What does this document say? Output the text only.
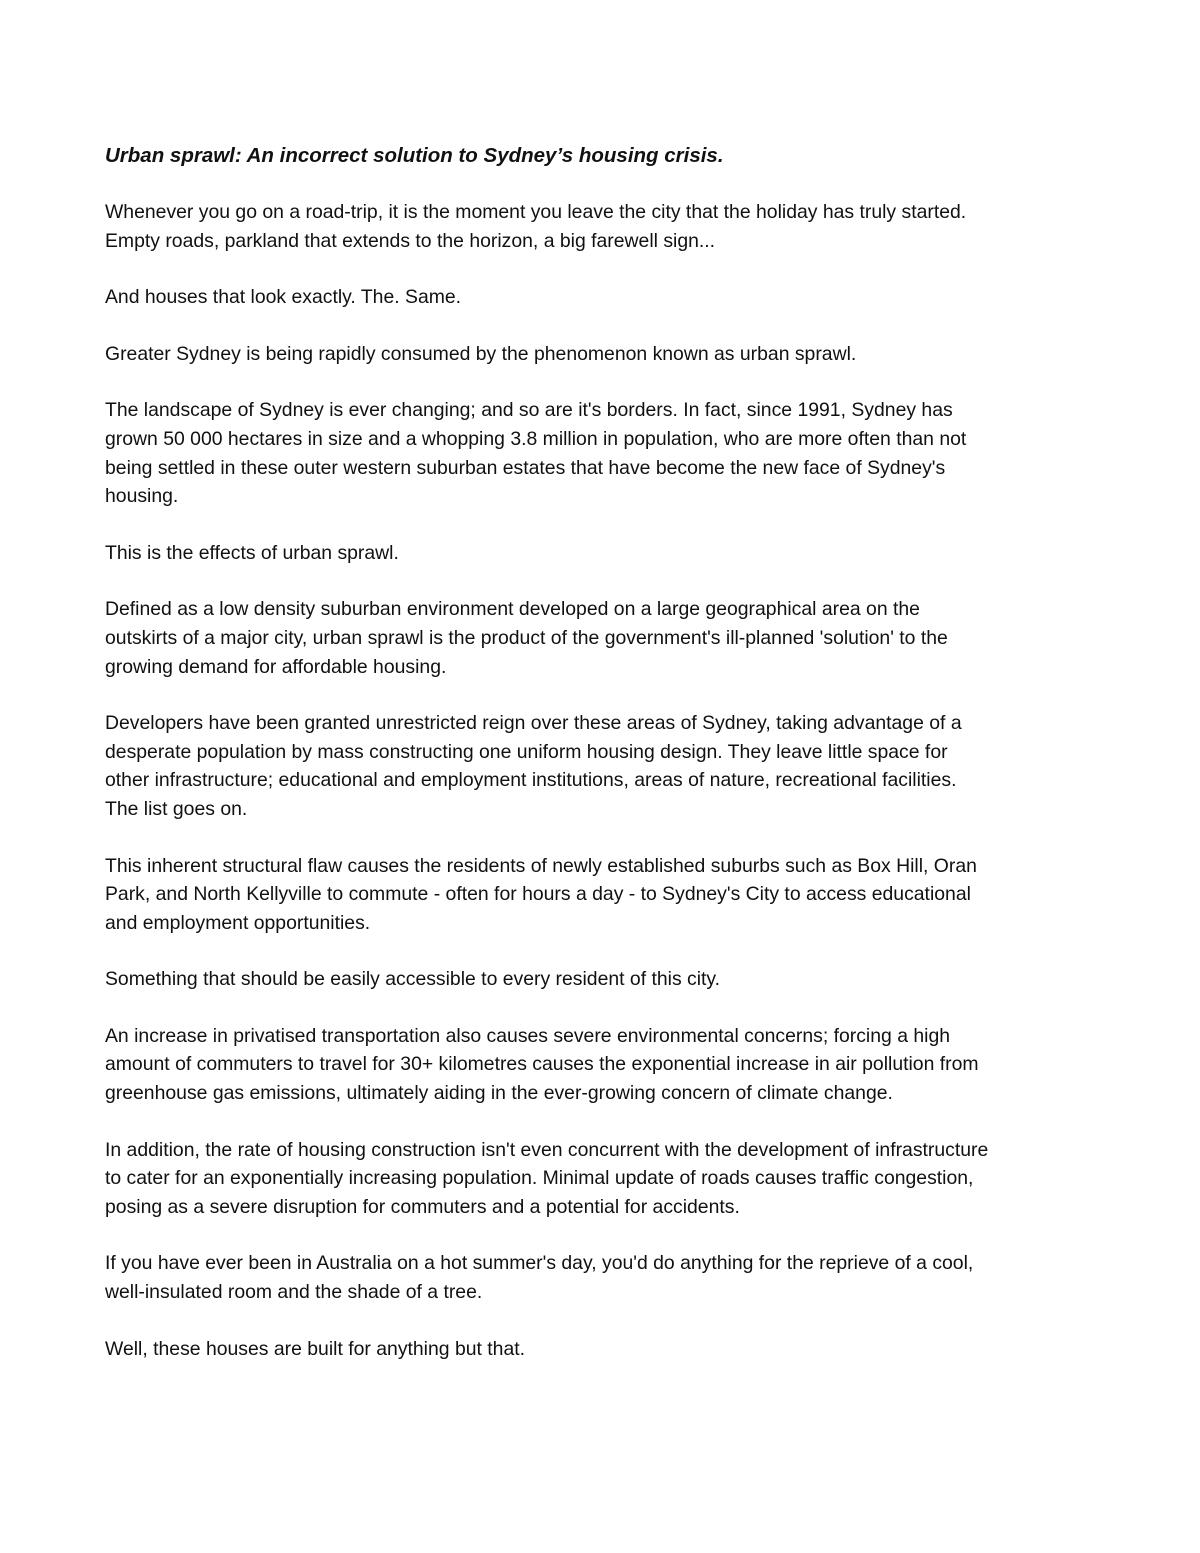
Urban sprawl: An incorrect solution to Sydney’s housing crisis.
Whenever you go on a road-trip, it is the moment you leave the city that the holiday has truly started.
Empty roads, parkland that extends to the horizon, a big farewell sign...
And houses that look exactly. The. Same.
Greater Sydney is being rapidly consumed by the phenomenon known as urban sprawl.
The landscape of Sydney is ever changing; and so are it's borders. In fact, since 1991, Sydney has
grown 50 000 hectares in size and a whopping 3.8 million in population, who are more often than not
being settled in these outer western suburban estates that have become the new face of Sydney's
housing.
This is the effects of urban sprawl.
Defined as a low density suburban environment developed on a large geographical area on the
outskirts of a major city, urban sprawl is the product of the government's ill-planned 'solution' to the
growing demand for affordable housing.
Developers have been granted unrestricted reign over these areas of Sydney, taking advantage of a
desperate population by mass constructing one uniform housing design. They leave little space for
other infrastructure; educational and employment institutions, areas of nature, recreational facilities.
The list goes on.
This inherent structural flaw causes the residents of newly established suburbs such as Box Hill, Oran
Park, and North Kellyville to commute - often for hours a day - to Sydney's City to access educational
and employment opportunities.
Something that should be easily accessible to every resident of this city.
An increase in privatised transportation also causes severe environmental concerns; forcing a high
amount of commuters to travel for 30+ kilometres causes the exponential increase in air pollution from
greenhouse gas emissions, ultimately aiding in the ever-growing concern of climate change.
In addition, the rate of housing construction isn't even concurrent with the development of infrastructure
to cater for an exponentially increasing population. Minimal update of roads causes traffic congestion,
posing as a severe disruption for commuters and a potential for accidents.
If you have ever been in Australia on a hot summer's day, you'd do anything for the reprieve of a cool,
well-insulated room and the shade of a tree.
Well, these houses are built for anything but that.
